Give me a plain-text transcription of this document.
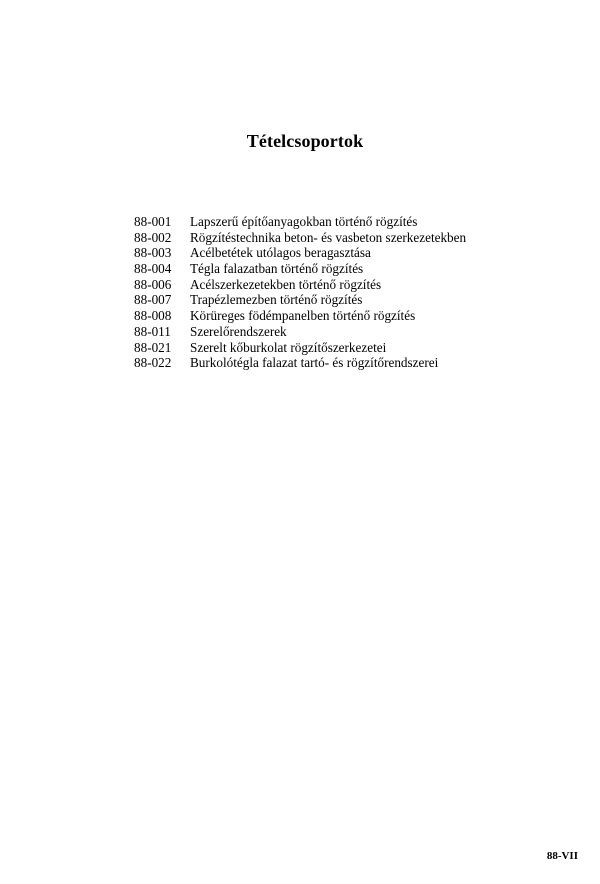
Tételcsoportok
88-001	Lapszerű építőanyagokban történő rögzítés
88-002	Rögzítéstechnika beton- és vasbeton szerkezetekben
88-003	Acélbetétek utólagos beragasztása
88-004	Tégla falazatban történő rögzítés
88-006	Acélszerkezetekben történő rögzítés
88-007	Trapézlemezben történő rögzítés
88-008	Körüreges födémpanelben történő rögzítés
88-011	Szerelőrendszerek
88-021	Szerelt kőburkolat rögzítőszerkezetei
88-022	Burkolótégla falazat tartó- és rögzítőrendszerei
88-VII
